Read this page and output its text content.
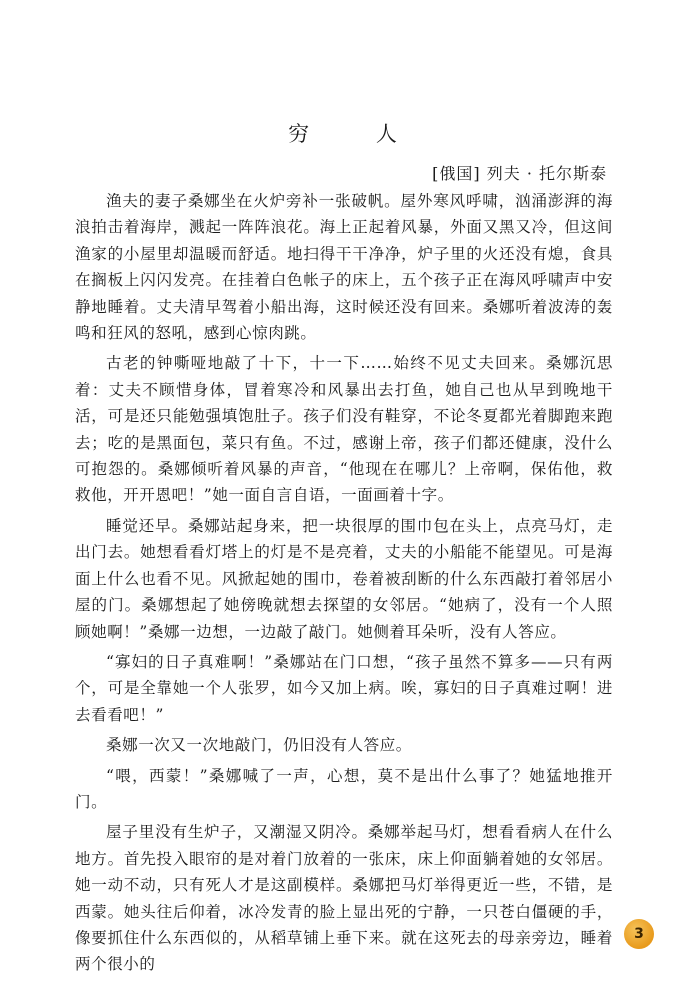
穷 人
[俄国] 列夫 · 托尔斯泰

渔夫的妻子桑娜坐在火炉旁补一张破帆。屋外寒风呼啸，汹涌澎湃的海浪拍击着海岸，溅起一阵阵浪花。海上正起着风暴，外面又黑又冷，但这间渔家的小屋里却温暖而舒适。地扫得干干净净，炉子里的火还没有熄，食具在搁板上闪闪发亮。在挂着白色帐子的床上，五个孩子正在海风呼啸声中安静地睡着。丈夫清早驾着小船出海，这时候还没有回来。桑娜听着波涛的轰鸣和狂风的怒吼，感到心惊肉跳。

古老的钟嘶哑地敲了十下，十一下……始终不见丈夫回来。桑娜沉思着：丈夫不顾惜身体，冒着寒冷和风暴出去打鱼，她自己也从早到晚地干活，可是还只能勉强填饱肚子。孩子们没有鞋穿，不论冬夏都光着脚跑来跑去；吃的是黑面包，菜只有鱼。不过，感谢上帝，孩子们都还健康，没什么可抱怨的。桑娜倾听着风暴的声音，“他现在在哪儿？上帝啊，保佑他，救救他，开开恩吧！”她一面自言自语，一面画着十字。

睡觉还早。桑娜站起身来，把一块很厚的围巾包在头上，点亮马灯，走出门去。她想看看灯塔上的灯是不是亮着，丈夫的小船能不能望见。可是海面上什么也看不见。风掀起她的围巾，卷着被刮断的什么东西敲打着邻居小屋的门。桑娜想起了她傍晚就想去探望的女邻居。“她病了，没有一个人照顾她啊！”桑娜一边想，一边敲了敲门。她侧着耳朵听，没有人答应。

“寡妇的日子真难啊！”桑娜站在门口想，“孩子虽然不算多——只有两个，可是全靠她一个人张罗，如今又加上病。唉，寡妇的日子真难过啊！进去看看吧！”

桑娜一次又一次地敲门，仍旧没有人答应。

“喂，西蒙！”桑娜喊了一声，心想，莫不是出什么事了？她猛地推开门。

屋子里没有生炉子，又潮湿又阴冷。桑娜举起马灯，想看看病人在什么地方。首先投入眼帘的是对着门放着的一张床，床上仰面躺着她的女邻居。她一动不动，只有死人才是这副模样。桑娜把马灯举得更近一些，不错，是西蒙。她头往后仰着，冰冷发青的脸上显出死的宁静，一只苍白僵硬的手，像要抓住什么东西似的，从稻草铺上垂下来。就在这死去的母亲旁边，睡着两个很小的

3
